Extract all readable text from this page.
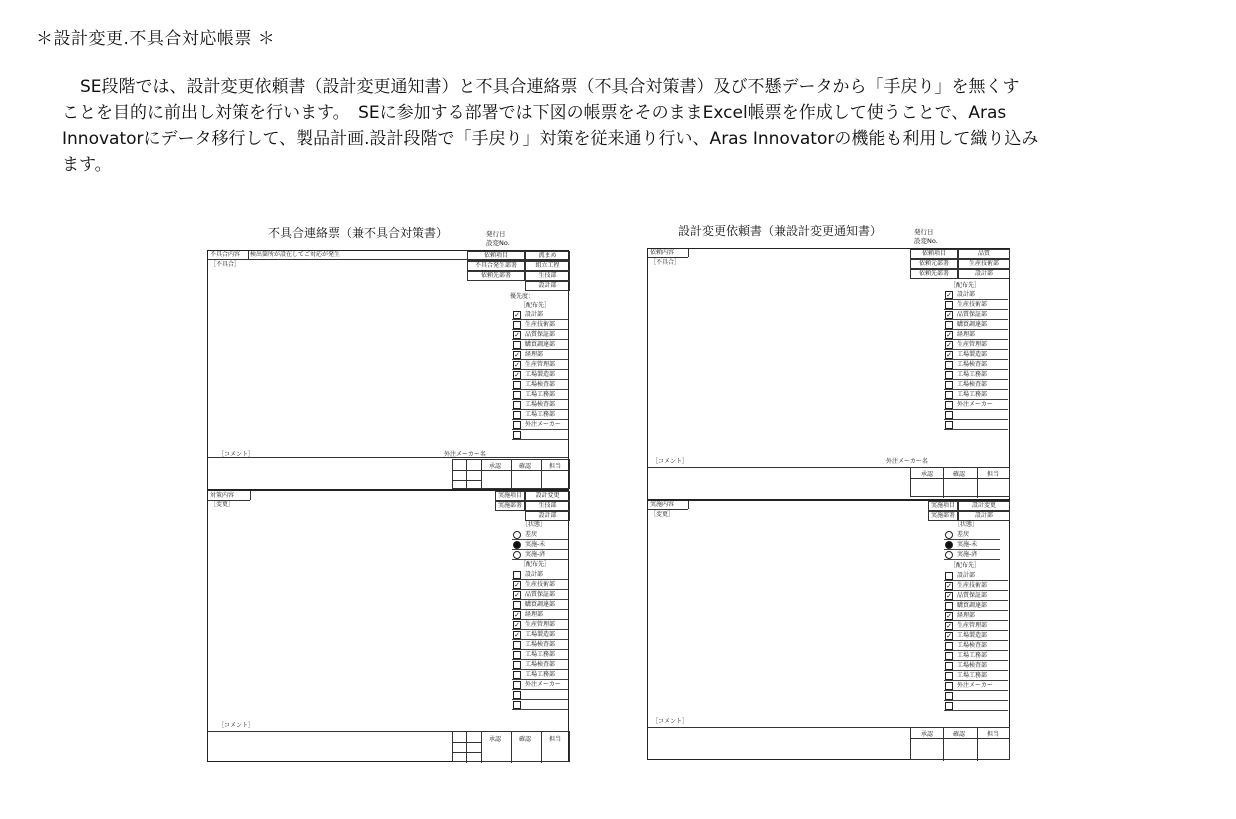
＊設計変更.不具合対応帳票 ＊

SE段階では、設計変更依頼書（設計変更通知書）と不具合連絡票（不具合対策書）及び不懸データから「手戻り」を無くす

ことを目的に前出し対策を行います。　SEに参加する部署では下図の帳票をそのままExcel帳票を作成して使うことで、Aras

Innovatorにデータ移行して、製品計画.設計段階で「手戻り」対策を従来通り行い、Aras Innovatorの機能も利用して織り込み

ます。

不具合連絡票（兼不具合対策書）	発行日
設変No.
不具合内容 検出箇所が設在してご対応が発生
［不具合］
依頼項目	流まめ
不具合発生部署	組立工程
依頼先部署	生技部
設計部
優先度：
［配布先］
✓ 設計部
生産技術部
✓ 品質保証部
購買調達部
✓ 経理部
✓ 生産管理部
✓ 工場製造部
工場検査部
工場工務部
工場検査部
工場工務部
外注メーカー
［コメント］	外注メーカー名
承認	確認	担当
対策内容
［変更］
実施項目	設計変更
実施部署	生技部
設計部
［状態］
差戻
実施-未
実施-済
［配布先］
設計部
✓ 生産技術部
✓ 品質保証部
購買調達部
✓ 経理部
✓ 生産管理部
✓ 工場製造部
工場検査部
工場工務部
工場検査部
工場工務部
外注メーカー
［コメント］
承認	確認	担当
設計変更依頼書（兼設計変更通知書）	発行日
設変No.
依頼内容
［不具合］
依頼項目	品質
依頼元部署	生産技術部
依頼先部署	設計部
［配布先］
✓ 設計部
生産技術部
✓ 品質保証部
購買調達部
✓ 経理部
✓ 生産管理部
✓ 工場製造部
工場検査部
工場工務部
工場検査部
工場工務部
外注メーカー
［コメント］	外注メーカー名
承認	確認	担当
実施内容
［変更］
実施項目	設計変更
実施部署	設計部
［状態］
差戻
実施-未
実施-済
［配布先］
設計部
✓ 生産技術部
✓ 品質保証部
購買調達部
✓ 経理部
✓ 生産管理部
✓ 工場製造部
工場検査部
工場工務部
工場検査部
工場工務部
外注メーカー
［コメント］
承認	確認	担当
